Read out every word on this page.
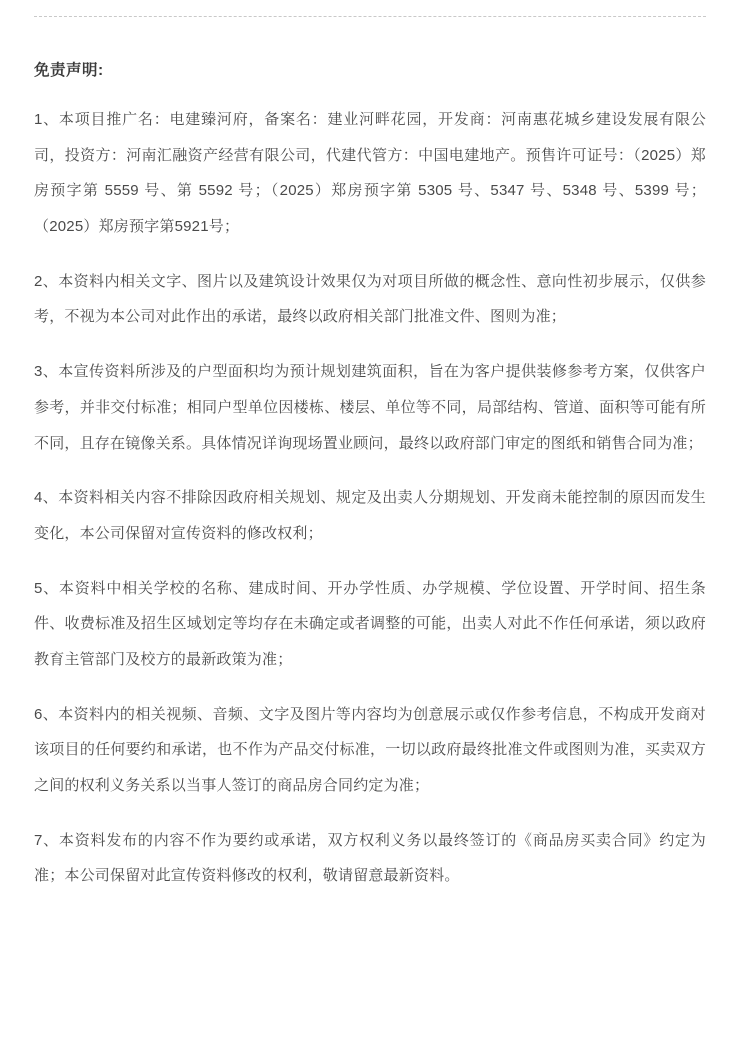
免责声明:

1、本项目推广名：电建臻河府，备案名：建业河畔花园，开发商：河南惠花城乡建设发展有限公司，投资方：河南汇融资产经营有限公司，代建代管方：中国电建地产。预售许可证号：（2025）郑房预字第 5559 号、第 5592 号；（2025）郑房预字第 5305 号、5347 号、5348 号、5399 号；（2025）郑房预字第5921号；

2、本资料内相关文字、图片以及建筑设计效果仅为对项目所做的概念性、意向性初步展示，仅供参考，不视为本公司对此作出的承诺，最终以政府相关部门批准文件、图则为准；

3、本宣传资料所涉及的户型面积均为预计规划建筑面积，旨在为客户提供装修参考方案，仅供客户参考，并非交付标准；相同户型单位因楼栋、楼层、单位等不同，局部结构、管道、面积等可能有所不同，且存在镜像关系。具体情况详询现场置业顾问，最终以政府部门审定的图纸和销售合同为准；

4、本资料相关内容不排除因政府相关规划、规定及出卖人分期规划、开发商未能控制的原因而发生变化，本公司保留对宣传资料的修改权利；

5、本资料中相关学校的名称、建成时间、开办学性质、办学规模、学位设置、开学时间、招生条件、收费标准及招生区域划定等均存在未确定或者调整的可能，出卖人对此不作任何承诺，须以政府教育主管部门及校方的最新政策为准；

6、本资料内的相关视频、音频、文字及图片等内容均为创意展示或仅作参考信息，不构成开发商对该项目的任何要约和承诺，也不作为产品交付标准，一切以政府最终批准文件或图则为准，买卖双方之间的权利义务关系以当事人签订的商品房合同约定为准；

7、本资料发布的内容不作为要约或承诺，双方权利义务以最终签订的《商品房买卖合同》约定为准；本公司保留对此宣传资料修改的权利，敬请留意最新资料。
